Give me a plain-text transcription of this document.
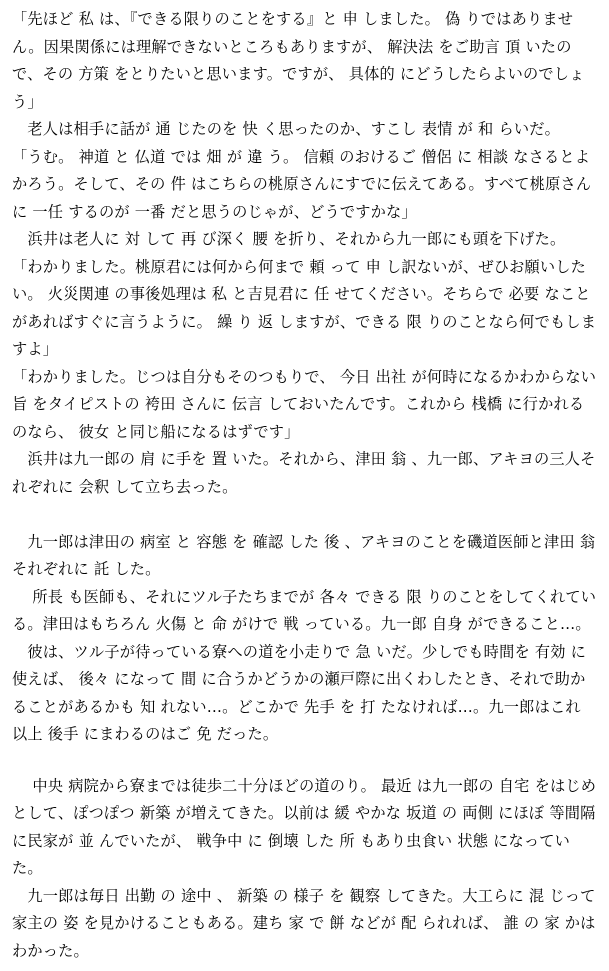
「先ほど 私 は、『できる限りのことをする』と 申 しました。 偽 りではありません。因果関係には理解できないところもありますが、 解決法 をご助言 頂 いたので、その 方策 をとりたいと思います。ですが、 具体的 にどうしたらよいのでしょう」

　老人は相手に話が 通 じたのを 快 く思ったのか、すこし 表情 が 和 らいだ。

「うむ。 神道 と 仏道 では 畑 が 違 う。 信頼 のおけるご 僧侶 に 相談 なさるとよかろう。そして、その 件 はこちらの桃原さんにすでに伝えてある。すべて桃原さんに 一任 するのが 一番 だと思うのじゃが、どうですかな」

　浜井は老人に 対 して 再 び深く 腰 を折り、それから九一郎にも頭を下げた。

「わかりました。桃原君には何から何まで 頼 って 申 し訳ないが、ぜひお願いしたい。 火災関連 の事後処理は 私 と吉見君に 任 せてください。そちらで 必要 なことがあればすぐに言うように。 繰 り 返 しますが、できる 限 りのことなら何でもしますよ」

「わかりました。じつは自分もそのつもりで、 今日 出社 が何時になるかわからない 旨 をタイピストの 袴田 さんに 伝言 しておいたんです。これから 桟橋 に行かれるのなら、 彼女 と同じ船になるはずです」

　浜井は九一郎の 肩 に手を 置 いた。それから、津田 翁 、九一郎、アキヨの三人それぞれに 会釈 して立ち去った。

　九一郎は津田の 病室 と 容態 を 確認 した 後 、アキヨのことを磯道医師と津田 翁 それぞれに 託 した。

　 所長 も医師も、それにツル子たちまでが 各々 できる 限 りのことをしてくれている。津田はもちろん 火傷 と 命 がけで 戦 っている。九一郎 自身 ができること…。

　彼は、ツル子が待っている寮への道を小走りで 急 いだ。少しでも時間を 有効 に使えば、 後々 になって 間 に合うかどうかの瀬戸際に出くわしたとき、それで助かることがあるかも 知 れない…。どこかで 先手 を 打 たなければ…。九一郎はこれ 以上 後手 にまわるのはご 免 だった。

　 中央 病院から寮までは徒歩二十分ほどの道のり。 最近 は九一郎の 自宅 をはじめとして、ぽつぽつ 新築 が増えてきた。以前は 緩 やかな 坂道 の 両側 にほぼ 等間隔 に民家が 並 んでいたが、 戦争中 に 倒壊 した 所 もあり虫食い 状態 になっていた。

　九一郎は毎日 出勤 の 途中 、 新築 の 様子 を 観察 してきた。大工らに 混 じって家主の 姿 を見かけることもある。建ち 家 で 餅 などが 配 られれば、 誰 の 家 かはわかった。
